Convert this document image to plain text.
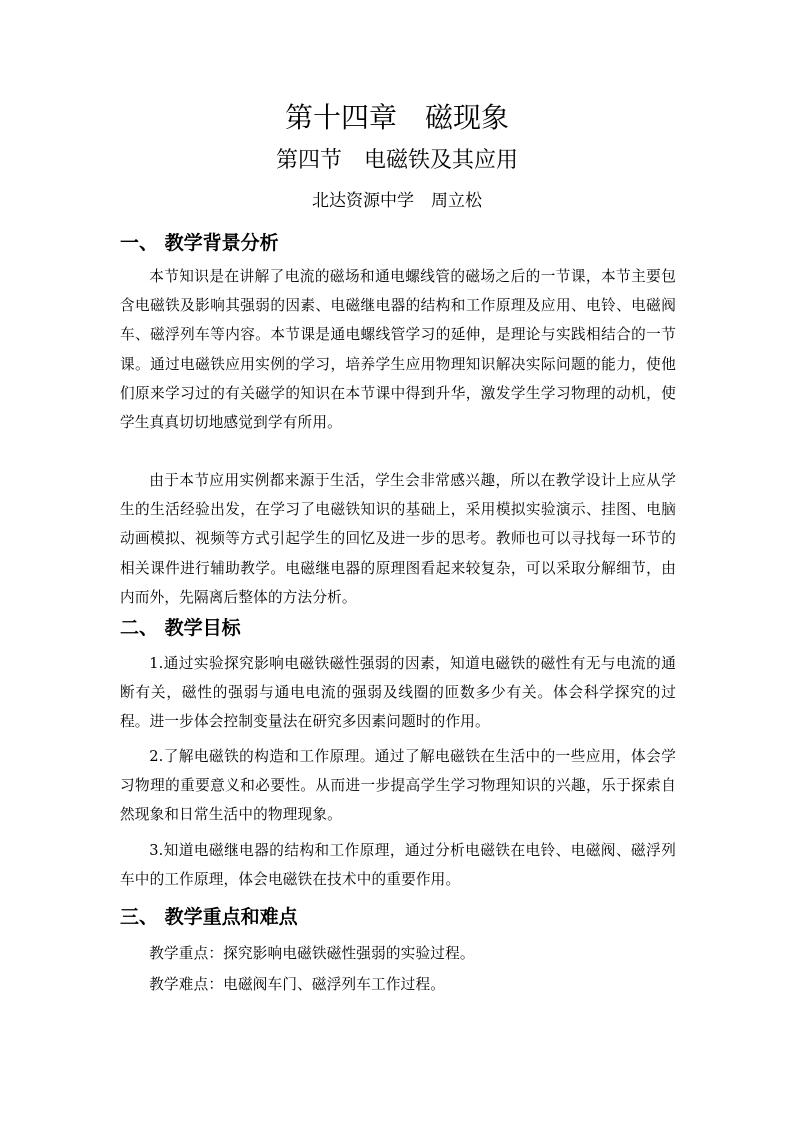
第十四章　磁现象
第四节　电磁铁及其应用
北达资源中学　周立松
一、 教学背景分析
本节知识是在讲解了电流的磁场和通电螺线管的磁场之后的一节课，本节主要包含电磁铁及影响其强弱的因素、电磁继电器的结构和工作原理及应用、电铃、电磁阀车、磁浮列车等内容。本节课是通电螺线管学习的延伸，是理论与实践相结合的一节课。通过电磁铁应用实例的学习，培养学生应用物理知识解决实际问题的能力，使他们原来学习过的有关磁学的知识在本节课中得到升华，激发学生学习物理的动机，使学生真真切切地感觉到学有所用。
由于本节应用实例都来源于生活，学生会非常感兴趣，所以在教学设计上应从学生的生活经验出发，在学习了电磁铁知识的基础上，采用模拟实验演示、挂图、电脑动画模拟、视频等方式引起学生的回忆及进一步的思考。教师也可以寻找每一环节的相关课件进行辅助教学。电磁继电器的原理图看起来较复杂，可以采取分解细节，由内而外，先隔离后整体的方法分析。
二、 教学目标
1.通过实验探究影响电磁铁磁性强弱的因素，知道电磁铁的磁性有无与电流的通断有关，磁性的强弱与通电电流的强弱及线圈的匝数多少有关。体会科学探究的过程。进一步体会控制变量法在研究多因素问题时的作用。
2.了解电磁铁的构造和工作原理。通过了解电磁铁在生活中的一些应用，体会学习物理的重要意义和必要性。从而进一步提高学生学习物理知识的兴趣，乐于探索自然现象和日常生活中的物理现象。
3.知道电磁继电器的结构和工作原理，通过分析电磁铁在电铃、电磁阀、磁浮列车中的工作原理，体会电磁铁在技术中的重要作用。
三、 教学重点和难点
教学重点：探究影响电磁铁磁性强弱的实验过程。
教学难点：电磁阀车门、磁浮列车工作过程。
